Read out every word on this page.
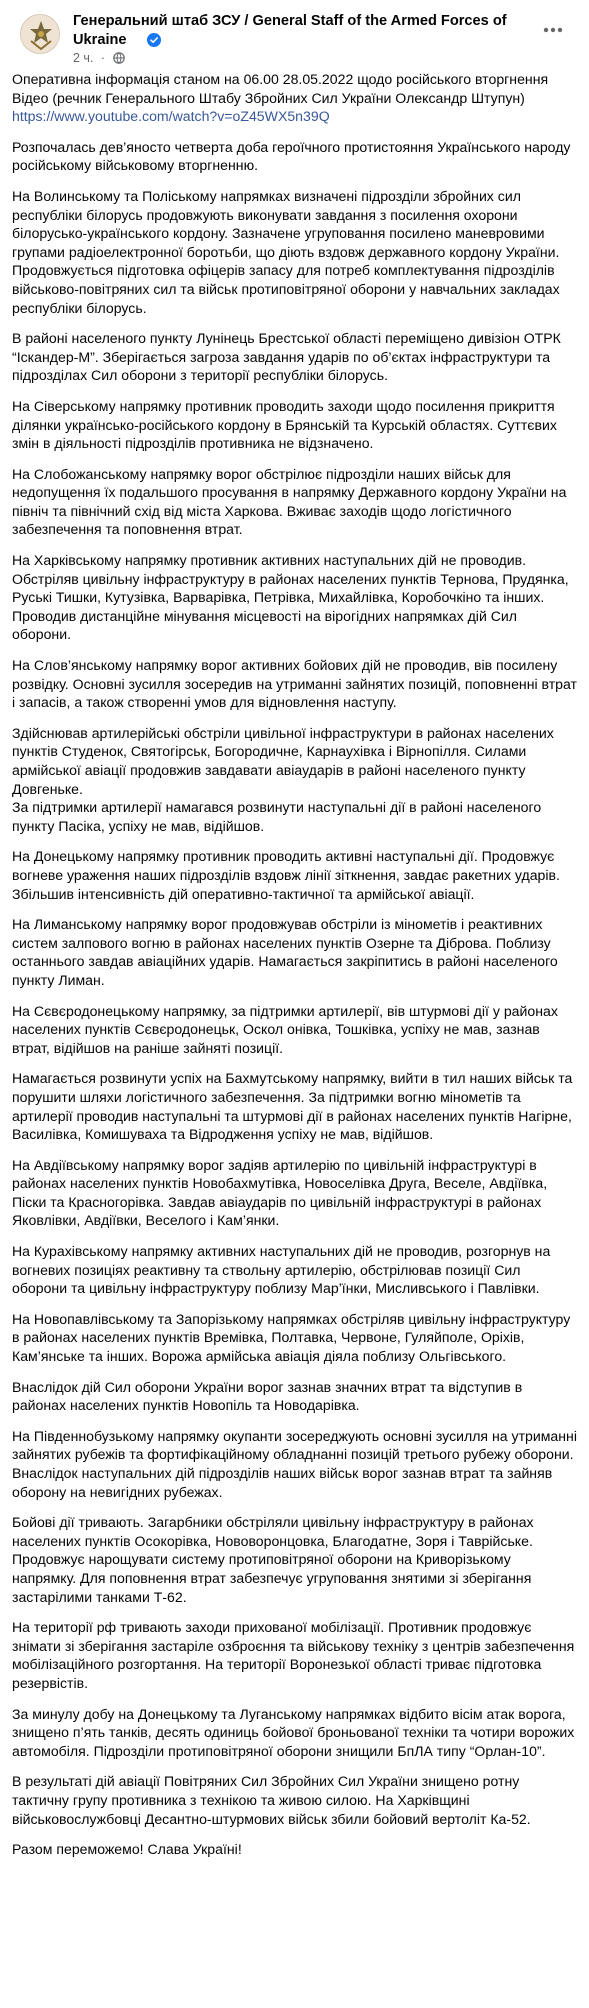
Генеральний штаб ЗСУ / General Staff of the Armed Forces of Ukraine
2 ч. ·
Оперативна інформація станом на 06.00 28.05.2022 щодо російського вторгнення
Відео (речник Генерального Штабу Збройних Сил України Олександр Штупун)
https://www.youtube.com/watch?v=oZ45WX5n39Q
Розпочалась дев’яносто четверта доба героїчного протистояння Українського народу російському військовому вторгненню.
На Волинському та Поліському напрямках визначені підрозділи збройних сил республіки білорусь продовжують виконувати завдання з посилення охорони білорусько-українського кордону. Зазначене угруповання посилено маневровими групами радіоелектронної боротьби, що діють вздовж державного кордону України. Продовжується підготовка офіцерів запасу для потреб комплектування підрозділів військово-повітряних сил та військ протиповітряної оборони у навчальних закладах республіки білорусь.
В районі населеного пункту Лунінець Брестської області переміщено дивізіон ОТРК “Іскандер-М”. Зберігається загроза завдання ударів по об’єктах інфраструктури та підрозділах Сил оборони з території республіки білорусь.
На Сіверському напрямку противник проводить заходи щодо посилення прикриття ділянки українсько-російського кордону в Брянській та Курській областях. Суттєвих змін в діяльності підрозділів противника не відзначено.
На Слобожанському напрямку ворог обстрілює підрозділи наших військ для недопущення їх подальшого просування в напрямку Державного кордону України на північ та північний схід від міста Харкова. Вживає заходів щодо логістичного забезпечення та поповнення втрат.
На Харківському напрямку противник активних наступальних дій не проводив. Обстріляв цивільну інфраструктуру в районах населених пунктів Тернова, Прудянка, Руські Тишки, Кутузівка, Варварівка, Петрівка, Михайлівка, Коробочкіно та інших. Проводив дистанційне мінування місцевості на вірогідних напрямках дій Сил оборони.
На Слов’янському напрямку ворог активних бойових дій не проводив, вів посилену розвідку. Основні зусилля зосередив на утриманні зайнятих позицій, поповненні втрат і запасів, а також створенні умов для відновлення наступу.
Здійснював артилерійські обстріли цивільної інфраструктури в районах населених пунктів Студенок, Святогірськ, Богородичне, Карнаухівка і Вірнопілля. Силами армійської авіації продовжив завдавати авіаударів в районі населеного пункту Довгеньке.
За підтримки артилерії намагався розвинути наступальні дії в районі населеного пункту Пасіка, успіху не мав, відійшов.
На Донецькому напрямку противник проводить активні наступальні дії. Продовжує вогневе ураження наших підрозділів вздовж лінії зіткнення, завдає ракетних ударів. Збільшив інтенсивність дій оперативно-тактичної та армійської авіації.
На Лиманському напрямку ворог продовжував обстріли із мінометів і реактивних систем залпового вогню в районах населених пунктів Озерне та Діброва. Поблизу останнього завдав авіаційних ударів. Намагається закріпитись в районі населеного пункту Лиман.
На Сєвєродонецькому напрямку, за підтримки артилерії, вів штурмові дії у районах населених пунктів Сєвєродонецьк, Оскол онівка, Тошківка, успіху не мав, зазнав втрат, відійшов на раніше зайняті позиції.
Намагається розвинути успіх на Бахмутському напрямку, вийти в тил наших військ та порушити шляхи логістичного забезпечення. За підтримки вогню мінометів та артилерії проводив наступальні та штурмові дії в районах населених пунктів Нагірне, Василівка, Комишуваха та Відродження успіху не мав, відійшов.
На Авдіївському напрямку ворог задіяв артилерію по цивільній інфраструктурі в районах населених пунктів Новобахмутівка, Новоселівка Друга, Веселе, Авдіївка, Піски та Красногорівка. Завдав авіаударів по цивільній інфраструктурі в районах Яковлівки, Авдіївки, Веселого і Кам’янки.
На Курахівському напрямку активних наступальних дій не проводив, розгорнув на вогневих позиціях реактивну та ствольну артилерію, обстрілював позиції Сил оборони та цивільну інфраструктуру поблизу Мар’їнки, Мисливського і Павлівки.
На Новопавлівському та Запорізькому напрямках обстріляв цивільну інфраструктуру в районах населених пунктів Времівка, Полтавка, Червоне, Гуляйполе, Оріхів, Кам’янське та інших. Ворожа армійська авіація діяла поблизу Ольгівського.
Внаслідок дій Сил оборони України ворог зазнав значних втрат та відступив в районах населених пунктів Новопіль та Новодарівка.
На Південнобузькому напрямку окупанти зосереджують основні зусилля на утриманні зайнятих рубежів та фортифікаційному обладнанні позицій третього рубежу оборони. Внаслідок наступальних дій підрозділів наших військ ворог зазнав втрат та зайняв оборону на невигідних рубежах.
Бойові дії тривають. Загарбники обстріляли цивільну інфраструктуру в районах населених пунктів Осокорівка, Нововоронцовка, Благодатне, Зоря і Таврійське. Продовжує нарощувати систему протиповітряної оборони на Криворізькому напрямку. Для поповнення втрат забезпечує угруповання знятими зі зберігання застарілими танками Т-62.
На території рф тривають заходи прихованої мобілізації. Противник продовжує знімати зі зберігання застаріле озброєння та військову техніку з центрів забезпечення мобілізаційного розгортання. На території Воронезької області триває підготовка резервістів.
За минулу добу на Донецькому та Луганському напрямках відбито вісім атак ворога, знищено п’ять танків, десять одиниць бойової броньованої техніки та чотири ворожих автомобіля. Підрозділи протиповітряної оборони знищили БпЛА типу “Орлан-10”.
В результаті дій авіації Повітряних Сил Збройних Сил України знищено ротну тактичну групу противника з технікою та живою силою. На Харківщині військовослужбовці Десантно-штурмових військ збили бойовий вертоліт Ка-52.
Разом переможемо! Слава Україні!
